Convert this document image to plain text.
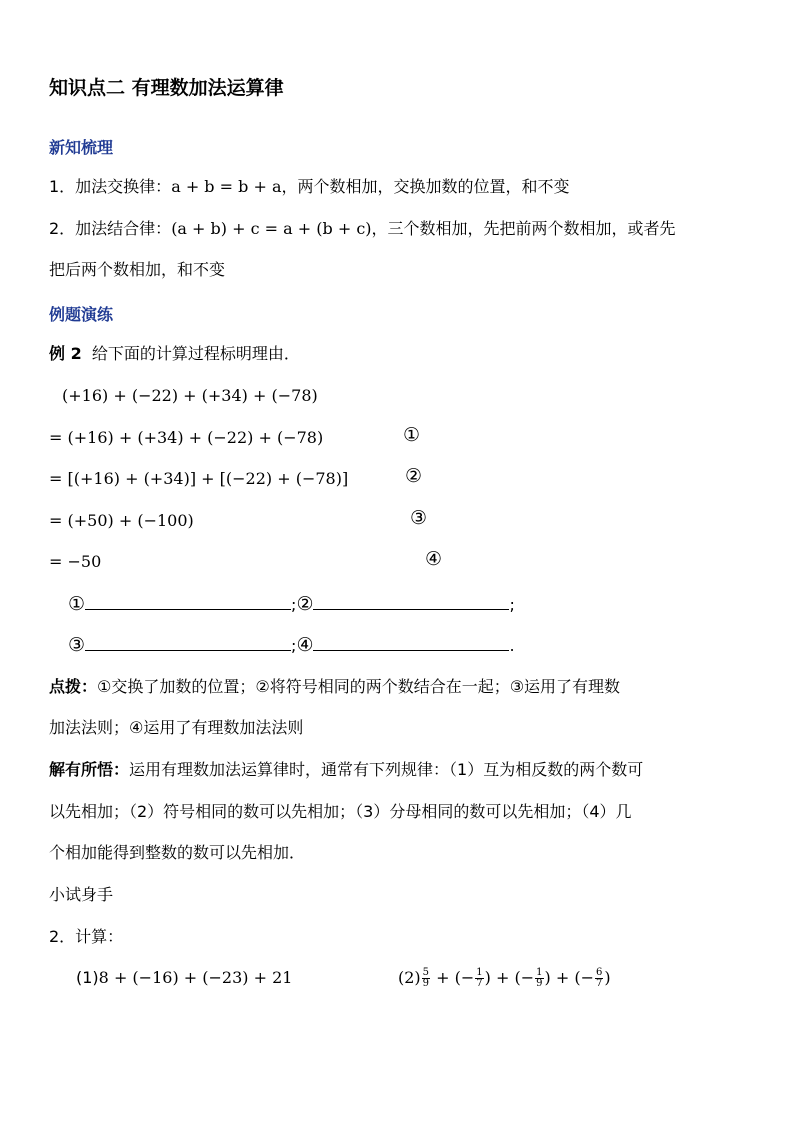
知识点二 有理数加法运算律
新知梳理
1．加法交换律：a + b = b + a，两个数相加，交换加数的位置，和不变
2．加法结合律：(a + b) + c = a + (b + c)，三个数相加，先把前两个数相加，或者先
把后两个数相加，和不变
例题演练
例 2 给下面的计算过程标明理由．
(+16) + (−22) + (+34) + (−78)
= (+16) + (+34) + (−22) + (−78)
= [(+16) + (+34)] + [(−22) + (−78)]
= (+50) + (−100)
= −50
①
②
③
④
①	;②	;
③	;④	.
点拨：①交换了加数的位置；②将符号相同的两个数结合在一起；③运用了有理数
加法法则；④运用了有理数加法法则
解有所悟：运用有理数加法运算律时，通常有下列规律：（1）互为相反数的两个数可
以先相加；（2）符号相同的数可以先相加；（3）分母相同的数可以先相加；（4）几
个相加能得到整数的数可以先相加．
小试身手
2．计算：
(1)8 + (−16) + (−23) + 21	$(2) \frac{5}{9}$ + (− $\frac{1}{7}$ ) + (− $\frac{1}{9}$ ) + (− $\frac{6}{7}$ )
